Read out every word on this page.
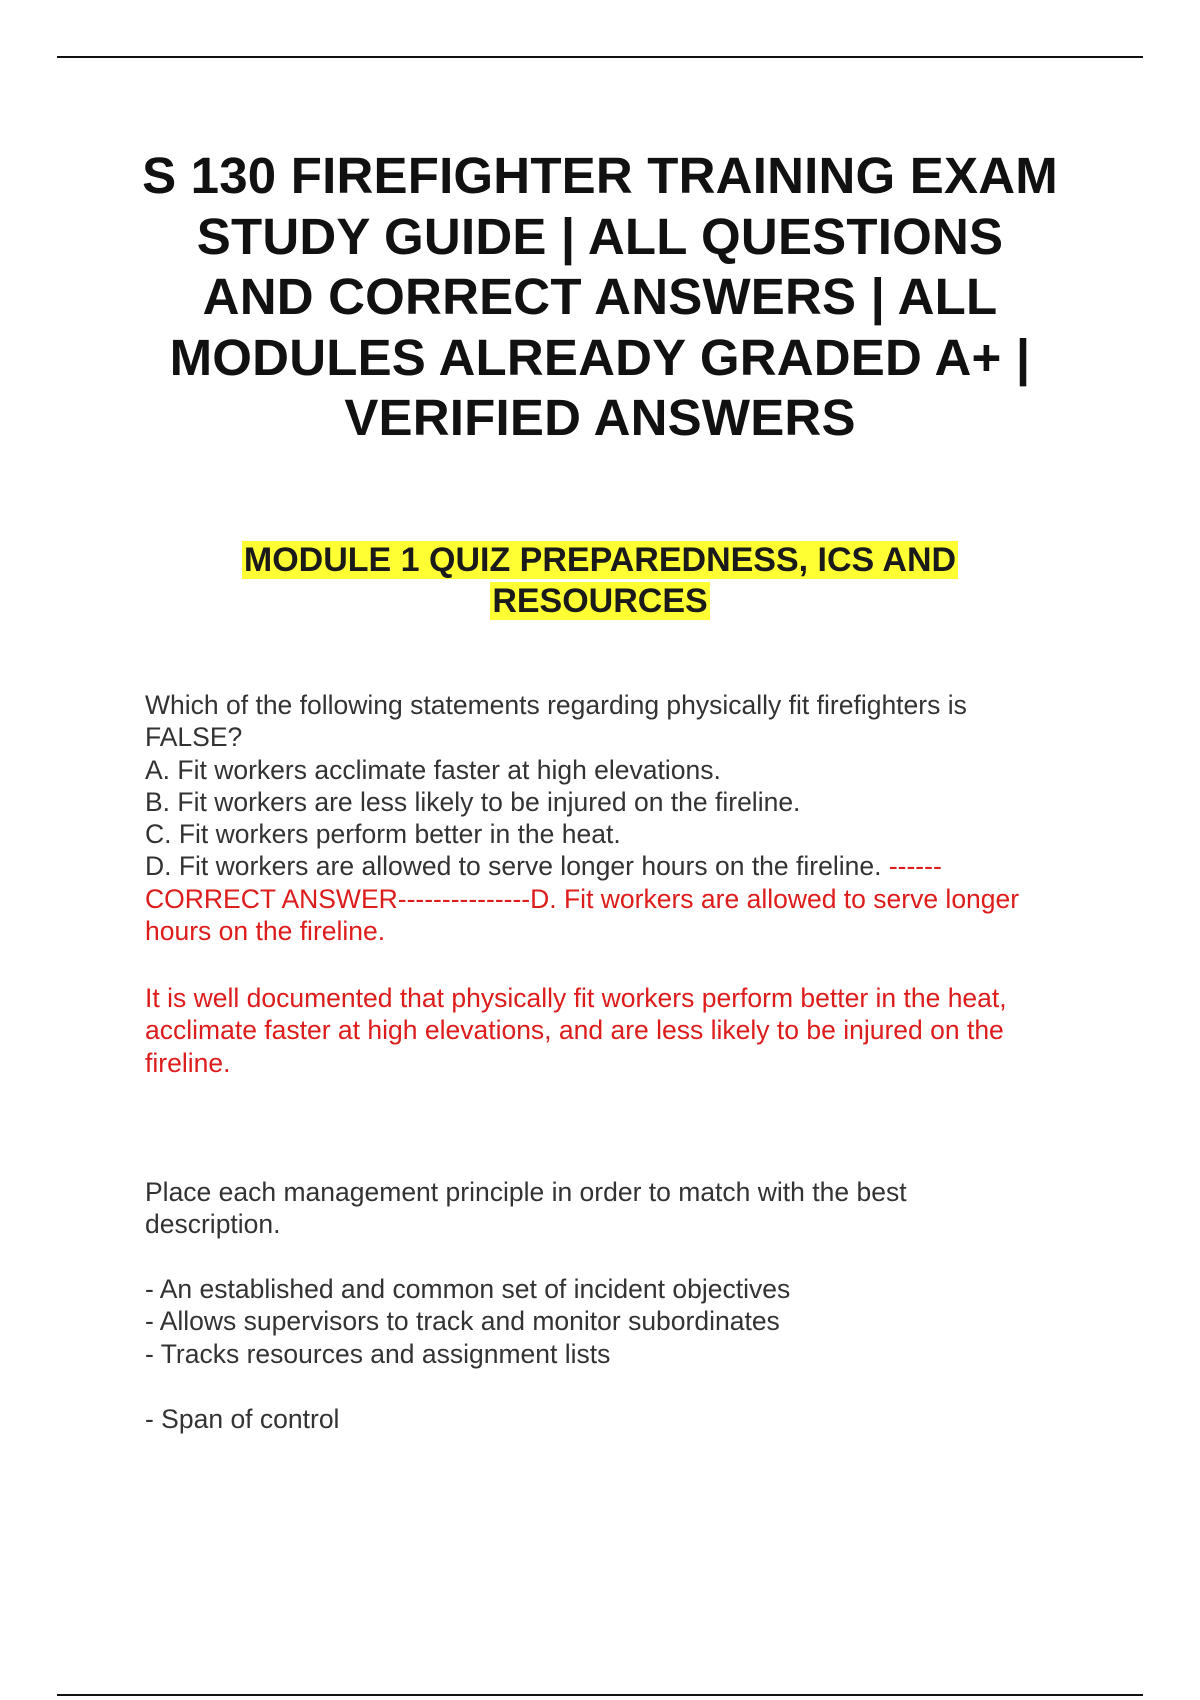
S 130 FIREFIGHTER TRAINING EXAM
STUDY GUIDE | ALL QUESTIONS
AND CORRECT ANSWERS | ALL
MODULES ALREADY GRADED A+ |
VERIFIED ANSWERS
MODULE 1 QUIZ PREPAREDNESS, ICS AND
RESOURCES
Which of the following statements regarding physically fit firefighters is
FALSE?
A. Fit workers acclimate faster at high elevations.
B. Fit workers are less likely to be injured on the fireline.
C. Fit workers perform better in the heat.
D. Fit workers are allowed to serve longer hours on the fireline. ------
CORRECT ANSWER---------------D. Fit workers are allowed to serve longer
hours on the fireline.
It is well documented that physically fit workers perform better in the heat,
acclimate faster at high elevations, and are less likely to be injured on the
fireline.
Place each management principle in order to match with the best
description.
- An established and common set of incident objectives
- Allows supervisors to track and monitor subordinates
- Tracks resources and assignment lists
- Span of control
